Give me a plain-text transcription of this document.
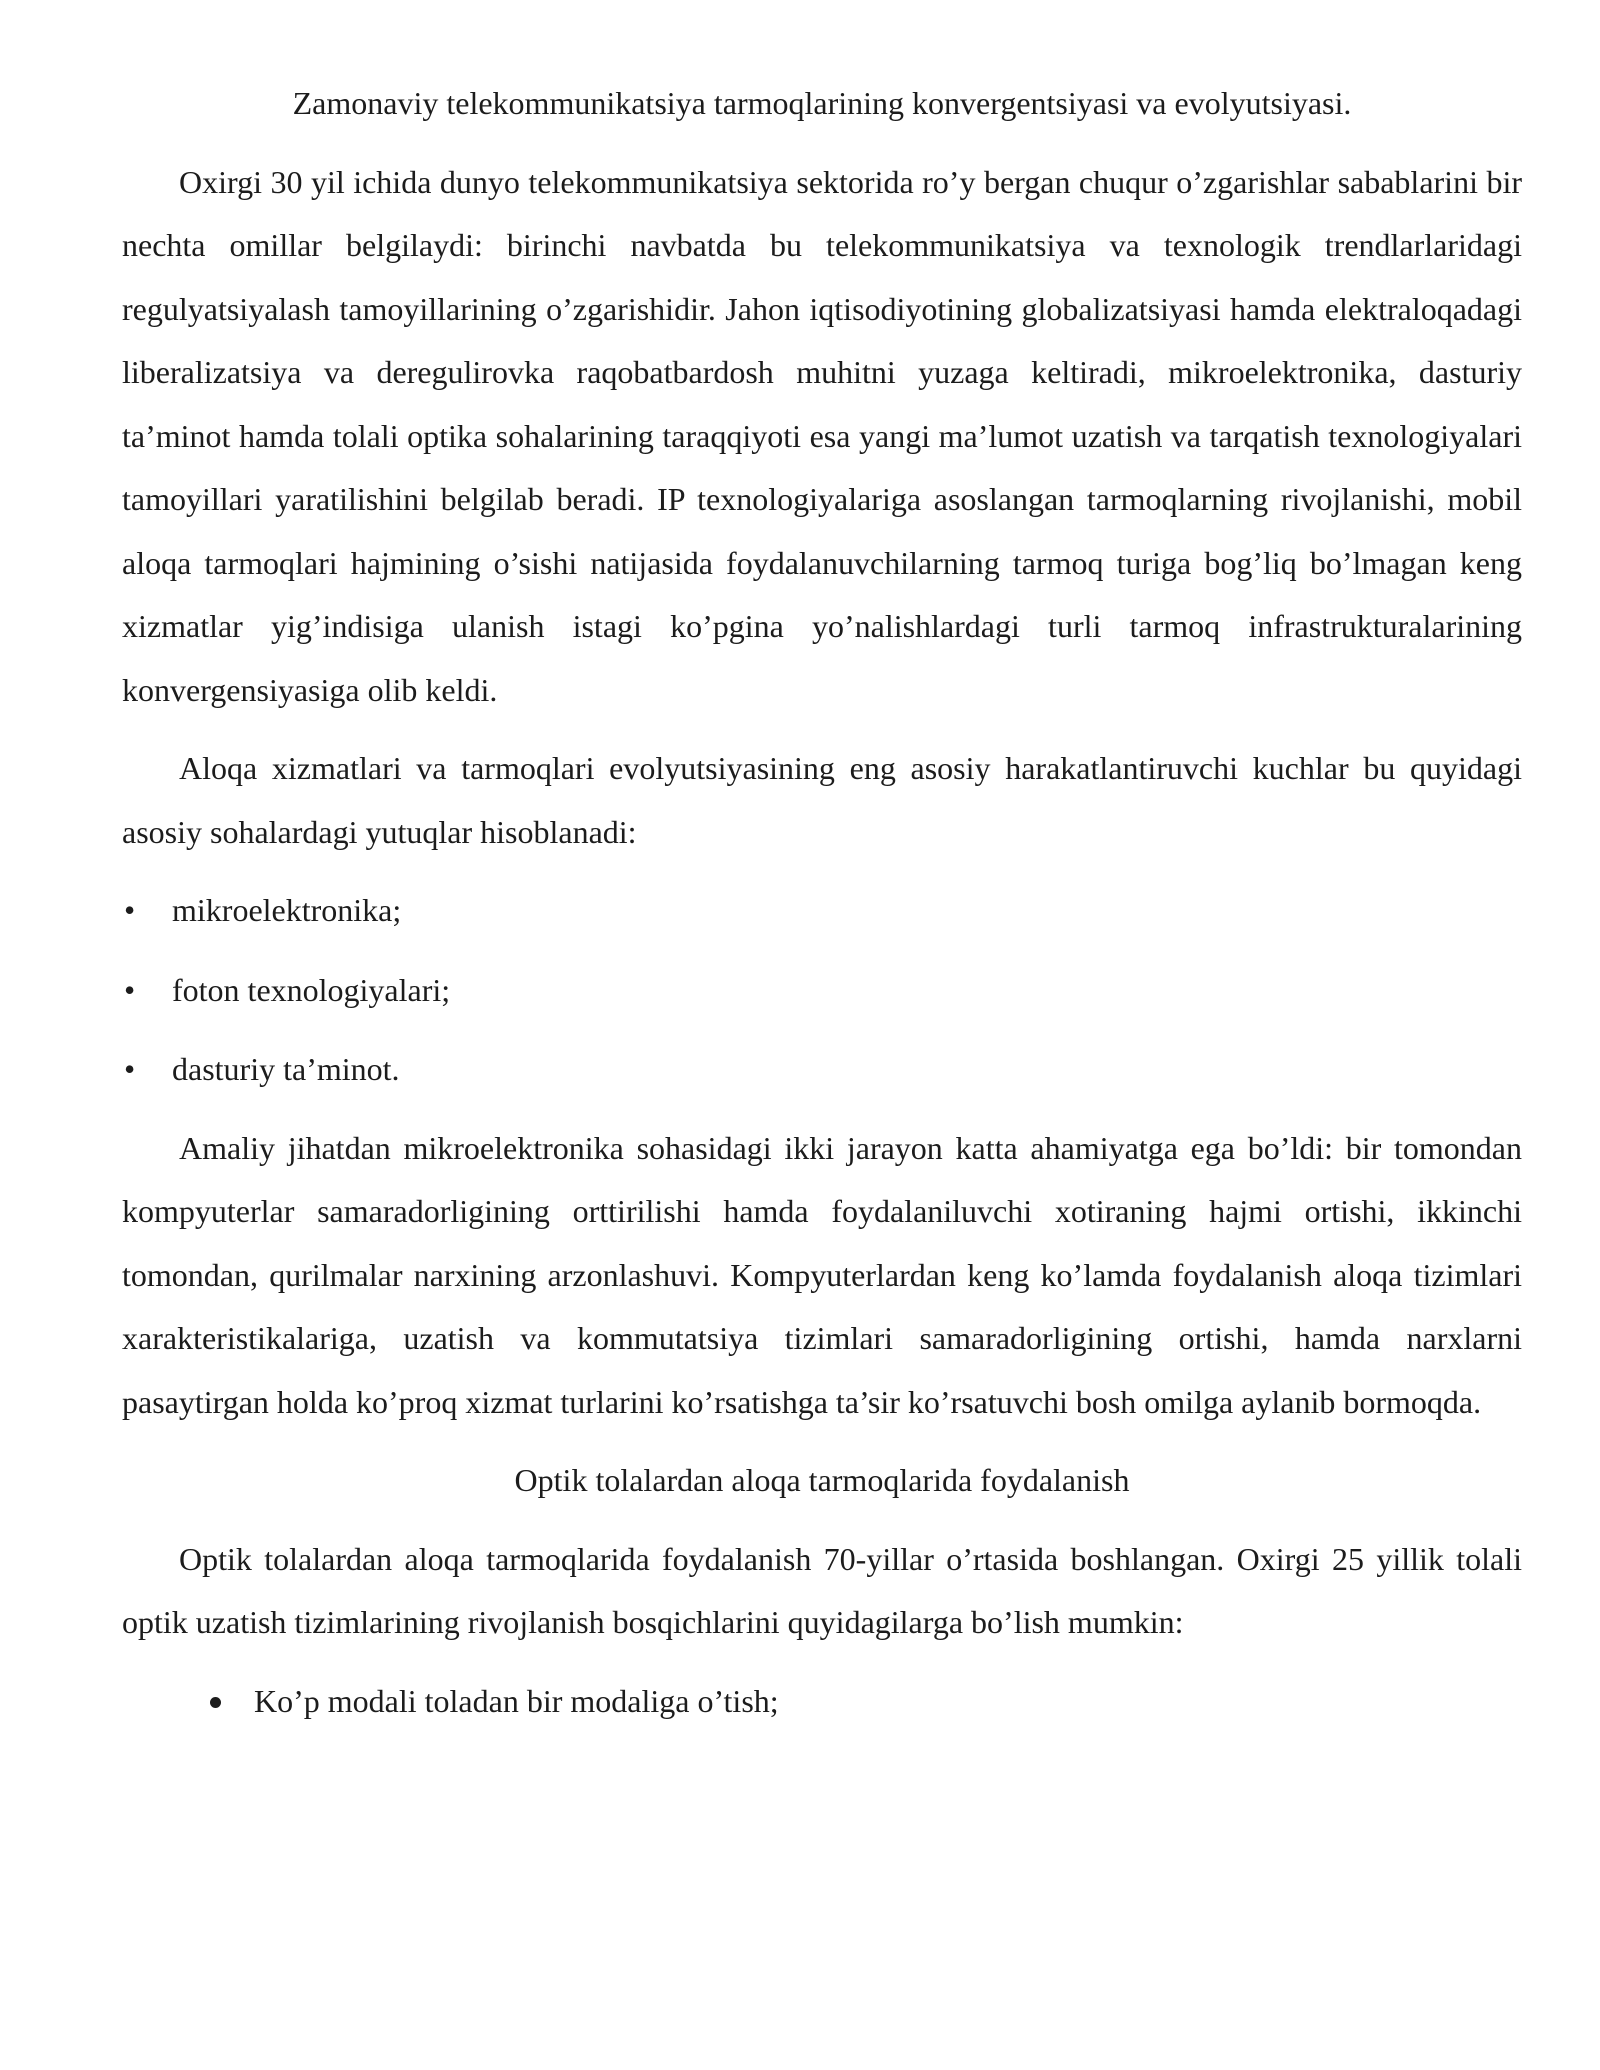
Zamonaviy telekommunikatsiya tarmoqlarining konvergentsiyasi va evolyutsiyasi.

Oxirgi 30 yil ichida dunyo telekommunikatsiya sektorida ro’y bergan chuqur o’zgarishlar sabablarini bir nechta omillar belgilaydi: birinchi navbatda bu telekommunikatsiya va texnologik trendlarlaridagi regulyatsiyalash tamoyillarining o’zgarishidir. Jahon iqtisodiyotining globalizatsiyasi hamda elektraloqadagi liberalizatsiya va deregulirovka raqobatbardosh muhitni yuzaga keltiradi, mikroelektronika, dasturiy ta’minot hamda tolali optika sohalarining taraqqiyoti esa yangi ma’lumot uzatish va tarqatish texnologiyalari tamoyillari yaratilishini belgilab beradi. IP texnologiyalariga asoslangan tarmoqlarning rivojlanishi, mobil aloqa tarmoqlari hajmining o’sishi natijasida foydalanuvchilarning tarmoq turiga bog’liq bo’lmagan keng xizmatlar yig’indisiga ulanish istagi ko’pgina yo’nalishlardagi turli tarmoq infrastrukturalarining konvergensiyasiga olib keldi.

Aloqa xizmatlari va tarmoqlari evolyutsiyasining eng asosiy harakatlantiruvchi kuchlar bu quyidagi asosiy sohalardagi yutuqlar hisoblanadi:

• mikroelektronika;
• foton texnologiyalari;
• dasturiy ta’minot.

Amaliy jihatdan mikroelektronika sohasidagi ikki jarayon katta ahamiyatga ega bo’ldi: bir tomondan kompyuterlar samaradorligining orttirilishi hamda foydalaniluvchi xotiraning hajmi ortishi, ikkinchi tomondan, qurilmalar narxining arzonlashuvi. Kompyuterlardan keng ko’lamda foydalanish aloqa tizimlari xarakteristikalariga, uzatish va kommutatsiya tizimlari samaradorligining ortishi, hamda narxlarni pasaytirgan holda ko’proq xizmat turlarini ko’rsatishga ta’sir ko’rsatuvchi bosh omilga aylanib bormoqda.

Optik tolalardan aloqa tarmoqlarida foydalanish

Optik tolalardan aloqa tarmoqlarida foydalanish 70-yillar o’rtasida boshlangan. Oxirgi 25 yillik tolali optik uzatish tizimlarining rivojlanish bosqichlarini quyidagilarga bo’lish mumkin:

Ko’p modali toladan bir modaliga o’tish;
